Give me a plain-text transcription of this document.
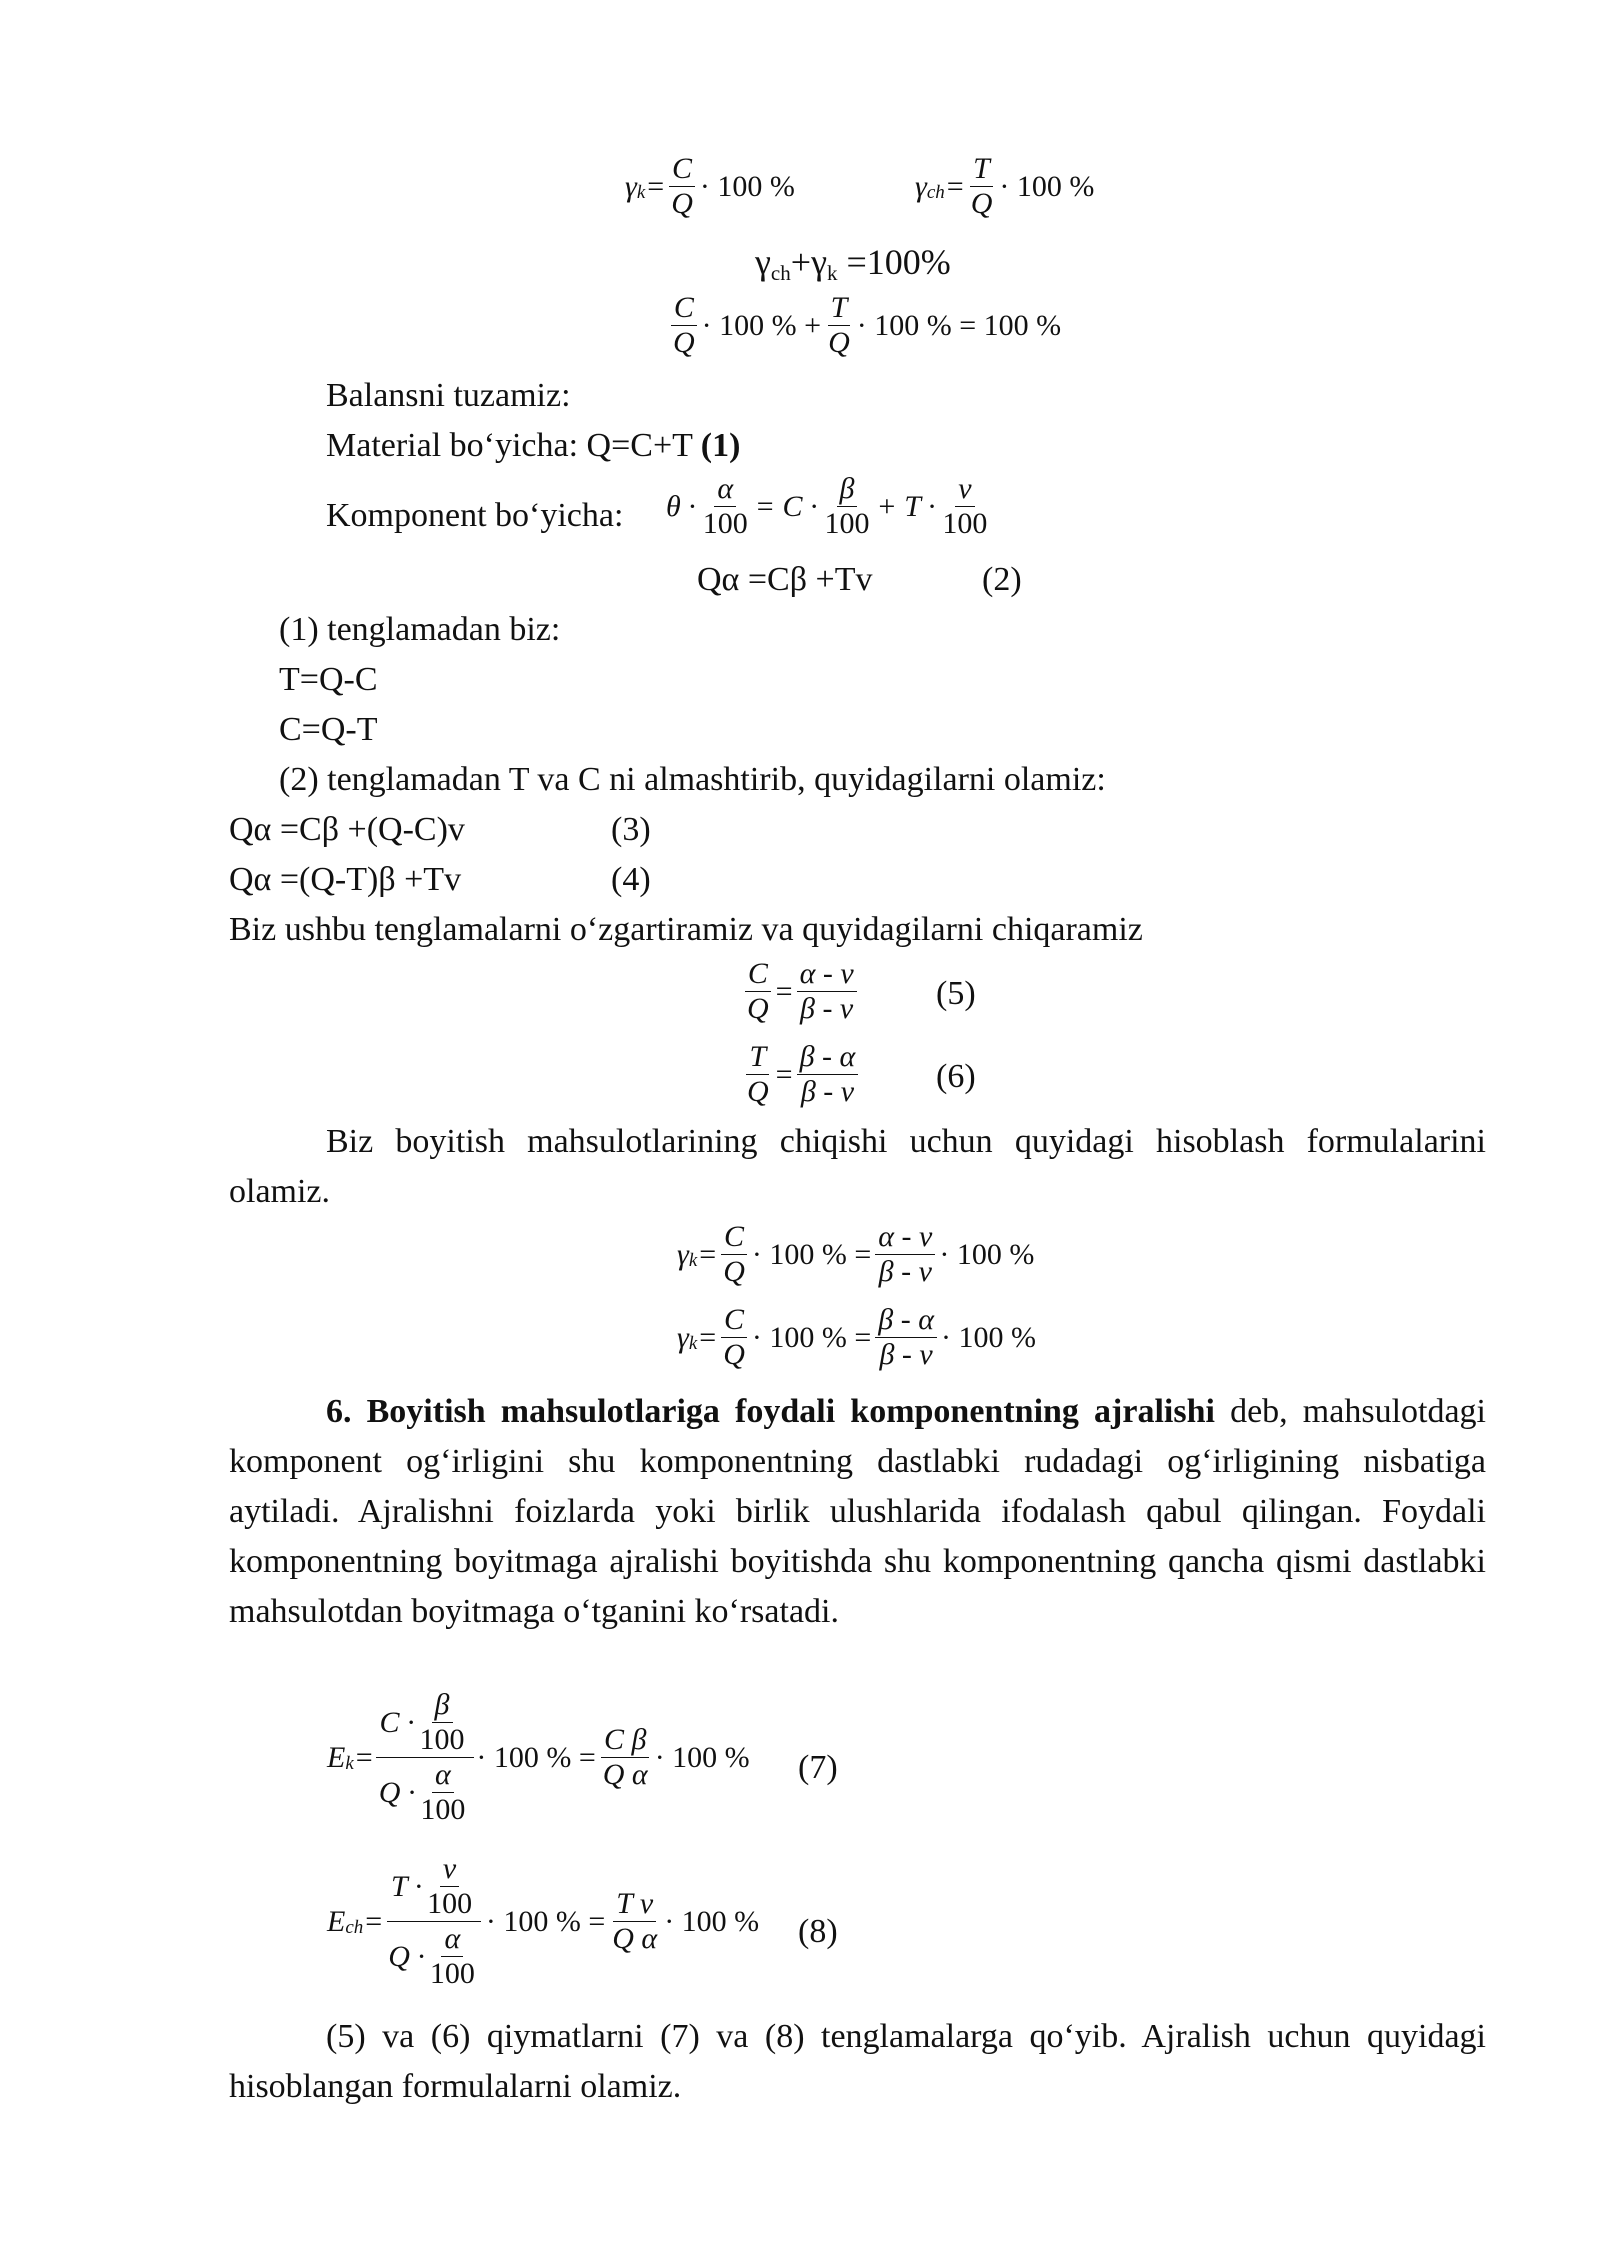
γ $k = \frac{C}{Q} \cdot 100$ %	γ ch = $\frac{T}{Q} \cdot 100$ %
γch+γk =100%
$\frac{C}{Q} \cdot 100$ % + $\frac{T}{Q} \cdot 100$ % = 100 %
Balansni tuzamiz:
Material bo‘yicha: Q=C+T (1)
Komponent bo‘yicha: $\theta \cdot \frac{\alpha}{100} = C \cdot \frac{\beta}{100} + T \cdot \frac{v}{100}$
Qα =Cβ +Tv	(2)
(1) tenglamadan biz:
T=Q-C
C=Q-T
(2) tenglamadan T va C ni almashtirib, quyidagilarni olamiz:
Qα =Cβ +(Q-C)v	(3)
Qα =(Q-T)β +Tv	(4)
Biz ushbu tenglamalarni o‘zgartiramiz va quyidagilarni chiqaramiz
$\frac{C}{Q} = \frac{\alpha - v}{\beta - v} (5)$
$\frac{T}{Q} = \frac{\beta - \alpha}{\beta - v} (6)$
Biz boyitish mahsulotlarining chiqishi uchun quyidagi hisoblash formulalarini olamiz.
γ $k = \frac{C}{Q} \cdot 100$ % = $\frac{\alpha - v}{\beta - v} \cdot 100$ %
γ $k = \frac{C}{Q} \cdot 100$ % = $\frac{\beta - \alpha}{\beta - v} \cdot 100$ %
6. Boyitish mahsulotlariga foydali komponentning ajralishi deb, mahsulotdagi komponent og‘irligini shu komponentning dastlabki rudadagi og‘irligining nisbatiga aytiladi. Ajralishni foizlarda yoki birlik ulushlarida ifodalash qabul qilingan. Foydali komponentning boyitmaga ajralishi boyitishda shu komponentning qancha qismi dastlabki mahsulotdan boyitmaga o‘tganini ko‘rsatadi.
E $k = \frac{C \cdot \frac{\beta}{100}}{Q \cdot \frac{\alpha}{100}} \cdot 100$ % = $\frac{\text{C β}}{\text{Q α}} \cdot 100$ % (7)
E ch = $\frac{T \cdot \frac{v}{100}}{Q \cdot \frac{\alpha}{100}} \cdot 100$ % = $\frac{\text{T v}}{\text{Q α}} \cdot 100$ % (8)
(5) va (6) qiymatlarni (7) va (8) tenglamalarga qo‘yib. Ajralish uchun quyidagi hisoblangan formulalarni olamiz.
